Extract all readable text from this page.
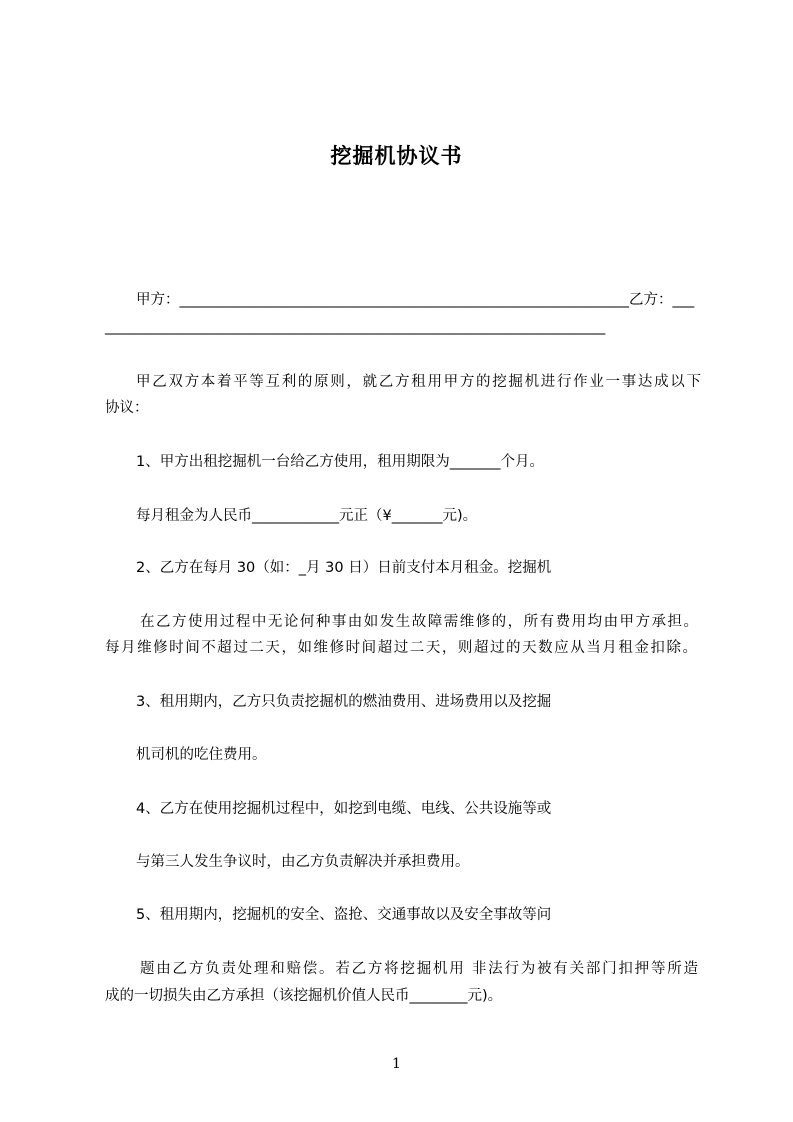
挖掘机协议书

甲方：______________________________________________________________乙方：___

_____________________________________________________________________

甲乙双方本着平等互利的原则，就乙方租用甲方的挖掘机进行作业一事达成以下

协议：

1、甲方出租挖掘机一台给乙方使用，租用期限为_______个月。

每月租金为人民币____________元正（¥_______元)。

2、乙方在每月 30（如：_月 30 日）日前支付本月租金。挖掘机

在乙方使用过程中无论何种事由如发生故障需维修的，所有费用均由甲方承担。

每月维修时间不超过二天，如维修时间超过二天，则超过的天数应从当月租金扣除。

3、租用期内，乙方只负责挖掘机的燃油费用、进场费用以及挖掘

机司机的吃住费用。

4、乙方在使用挖掘机过程中，如挖到电缆、电线、公共设施等或

与第三人发生争议时，由乙方负责解决并承担费用。

5、租用期内，挖掘机的安全、盗抢、交通事故以及安全事故等问

题由乙方负责处理和赔偿。若乙方将挖掘机用 非法行为被有关部门扣押等所造

成的一切损失由乙方承担（该挖掘机价值人民币________元)。

1
